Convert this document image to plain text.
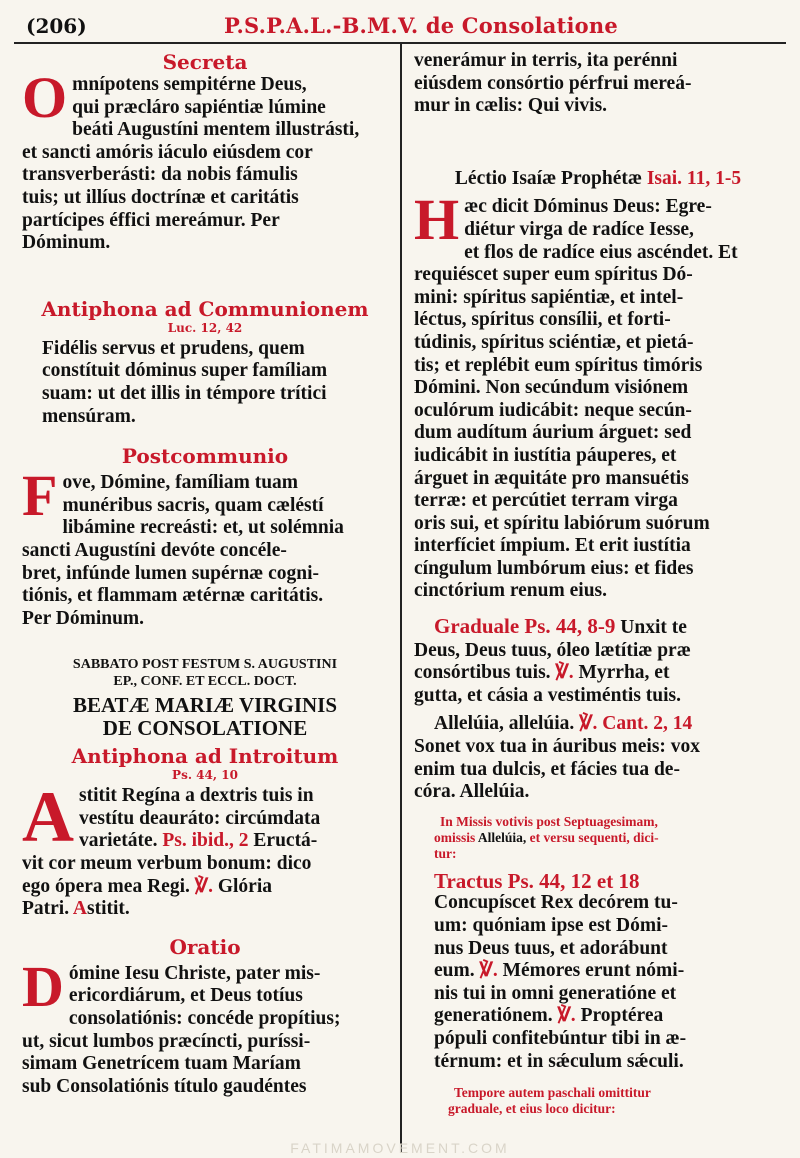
(206)	P.S.P.A.L.-B.M.V. de Consolatione

Secreta

O mnípotens sempitérne Deus,
qui præcláro sapiéntiæ lúmine
beáti Augustíni mentem illustrásti,
et sancti amóris iáculo eiúsdem cor
transverberásti: da nobis fámulis
tuis; ut illíus doctrínæ et caritátis
partícipes éffici mereámur. Per
Dóminum.

Antiphona ad Communionem

Luc. 12, 42

Fidélis servus et prudens, quem
constítuit dóminus super famíliam
suam: ut det illis in témpore trítici
mensúram.

Postcommunio

F ove, Dómine, famíliam tuam
munéribus sacris, quam cæléstí
libámine recreásti: et, ut solémnia
sancti Augustíni devóte concéle-
bret, infúnde lumen supérnæ cogni-
tiónis, et flammam ætérnæ caritátis.
Per Dóminum.

SABBATO POST FESTUM S. AUGUSTINI

EP., CONF. ET ECCL. DOCT.

BEATÆ MARIÆ VIRGINIS

DE CONSOLATIONE

Antiphona ad Introitum

Ps. 44, 10

A stitit Regína a dextris tuis in
vestítu deauráto: circúmdata
varietáte. Ps. ibid., 2 Eructá-
vit cor meum verbum bonum: dico
ego ópera mea Regi. ℣. Glória
Patri. Astitit.

Oratio

D ómine Iesu Christe, pater mis-
ericordiárum, et Deus totíus
consolatiónis: concéde propítius;
ut, sicut lumbos præcíncti, puríssi-
simam Genetrícem tuam Maríam
sub Consolatiónis título gaudéntes
venerámur in terris, ita perénni
eiúsdem consórtio pérfrui mereá-
mur in cælis: Qui vivis.
Léctio Isaíæ Prophétæ Isai. 11, 1-5
H æc dicit Dóminus Deus: Egre-
diétur virga de radíce Iesse,
et flos de radíce eius ascéndet. Et
requiéscet super eum spíritus Dó-
mini: spíritus sapiéntiæ, et intel-
léctus, spíritus consílii, et forti-
túdinis, spíritus sciéntiæ, et pietá-
tis; et replébit eum spíritus timóris
Dómini. Non secúndum visiónem
oculórum iudicábit: neque secún-
dum audítum áurium árguet: sed
iudicábit in iustítia páuperes, et
árguet in æquitáte pro mansuétis
terræ: et percútiet terram virga
oris sui, et spíritu labiórum suórum
interfíciet ímpium. Et erit iustítia
cíngulum lumbórum eius: et fides
cinctórium renum eius.
Graduale Ps. 44, 8-9 Unxit te
Deus, Deus tuus, óleo lætítiæ præ
consórtibus tuis. ℣. Myrrha, et
gutta, et cásia a vestiméntis tuis.
Allelúia, allelúia. ℣. Cant. 2, 14
Sonet vox tua in áuribus meis: vox
enim tua dulcis, et fácies tua de-
córa. Allelúia.
In Missis votivis post Septuagesimam,
omissis Allelúia, et versu sequenti, dici-
tur:
Tractus Ps. 44, 12 et 18
Concupíscet Rex decórem tu-
um: quóniam ipse est Dómi-
nus Deus tuus, et adorábunt
eum. ℣. Mémores erunt nómi-
nis tui in omni generatióne et
generatiónem. ℣. Proptérea
pópuli confitebúntur tibi in æ-
térnum: et in sǽculum sǽculi.
Tempore autem paschali omittitur
graduale, et eius loco dicitur:
FATIMAMOVEMENT.COM
